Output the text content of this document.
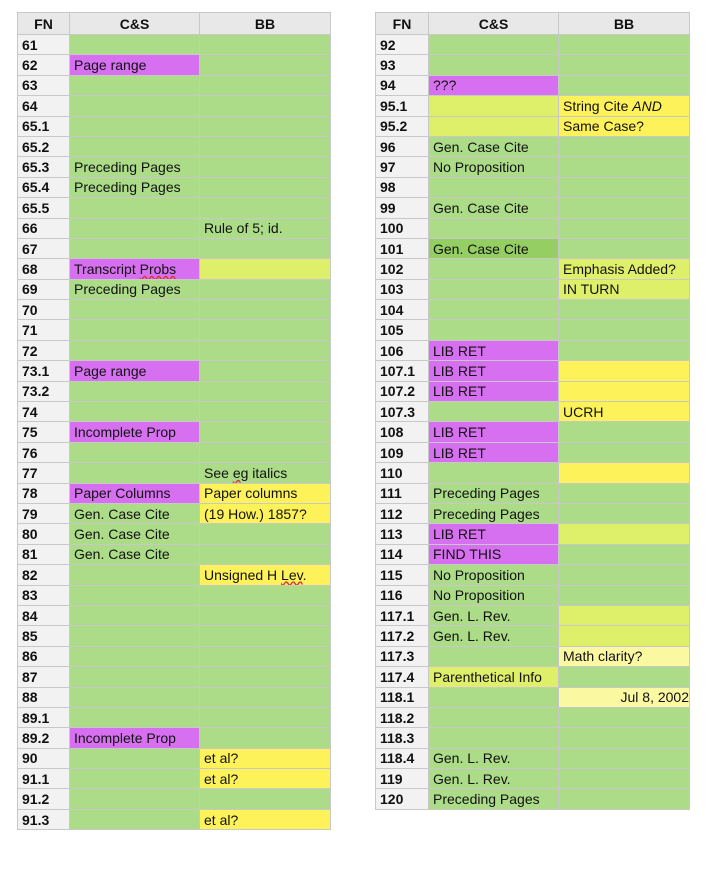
FN	C&S	BB
61		
62	Page range	
63		
64		
65.1		
65.2		
65.3	Preceding Pages	
65.4	Preceding Pages	
65.5		
66		Rule of 5; id.
67		
68	Transcript Probs	
69	Preceding Pages	
70		
71		
72		
73.1	Page range	
73.2		
74		
75	Incomplete Prop	
76		
77		See eg italics
78	Paper Columns	Paper columns
79	Gen. Case Cite	(19 How.) 1857?
80	Gen. Case Cite	
81	Gen. Case Cite	
82		Unsigned H Lev.
83		
84		
85		
86		
87		
88		
89.1		
89.2	Incomplete Prop	
90		et al?
91.1		et al?
91.2		
91.3		et al?
FN	C&S	BB
92		
93		
94	???	
95.1		String Cite AND
95.2		Same Case?
96	Gen. Case Cite	
97	No Proposition	
98		
99	Gen. Case Cite	
100		
101	Gen. Case Cite	
102		Emphasis Added?
103		IN TURN
104		
105		
106	LIB RET	
107.1	LIB RET	
107.2	LIB RET	
107.3		UCRH
108	LIB RET	
109	LIB RET	
110		
111	Preceding Pages	
112	Preceding Pages	
113	LIB RET	
114	FIND THIS	
115	No Proposition	
116	No Proposition	
117.1	Gen. L. Rev.	
117.2	Gen. L. Rev.	
117.3		Math clarity?
117.4	Parenthetical Info	
118.1		Jul 8, 2002
118.2		
118.3		
118.4	Gen. L. Rev.	
119	Gen. L. Rev.	
120	Preceding Pages	
